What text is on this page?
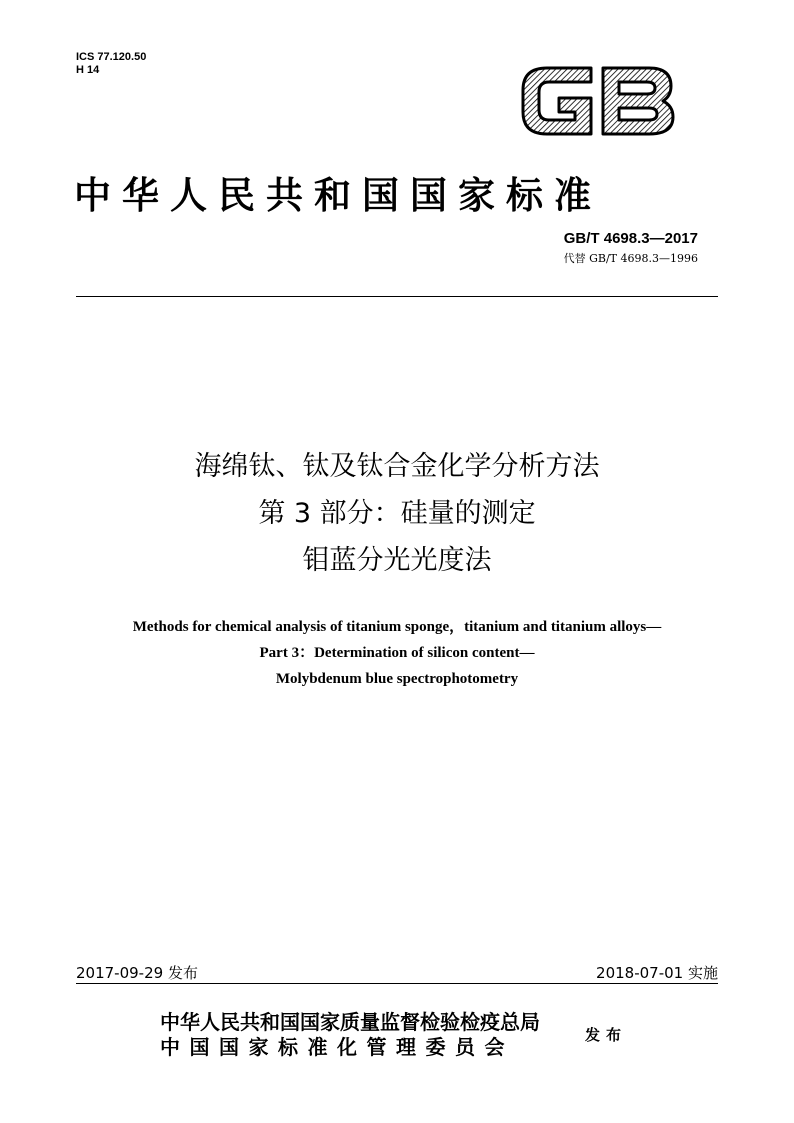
ICS 77.120.50
H 14
中华人民共和国国家标准
GB/T 4698.3—2017
代替 GB/T 4698.3—1996
海绵钛、钛及钛合金化学分析方法
第 3 部分：硅量的测定
钼蓝分光光度法
Methods for chemical analysis of titanium sponge，titanium and titanium alloys—
Part 3：Determination of silicon content—
Molybdenum blue spectrophotometry
2017-09-29 发布	2018-07-01 实施
中华人民共和国国家质量监督检验检疫总局
中国国家标准化管理委员会	发布
